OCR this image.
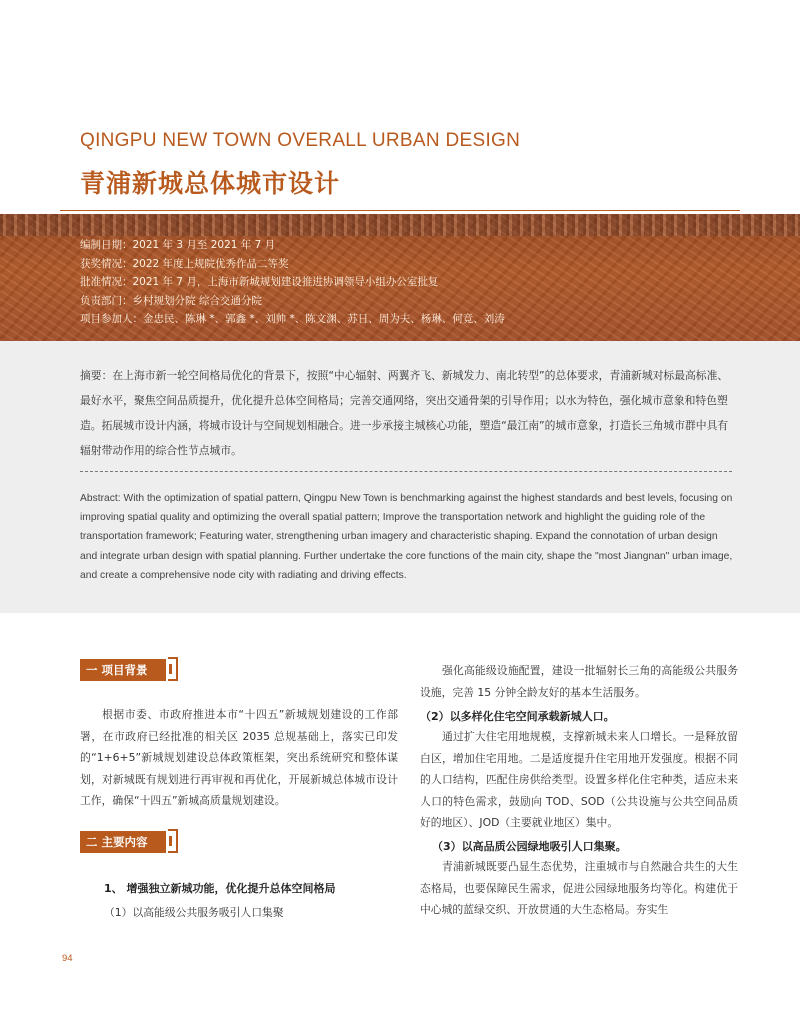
QINGPU NEW TOWN OVERALL URBAN DESIGN
青浦新城总体城市设计
编制日期：2021 年 3 月至 2021 年 7 月
获奖情况：2022 年度上规院优秀作品二等奖
批准情况：2021 年 7 月，上海市新城规划建设推进协调领导小组办公室批复
负责部门：乡村规划分院 综合交通分院
项目参加人：金忠民、陈琳 *、郭鑫 *、刘帅 *、陈文渊、苏日、周为夫、杨琳、何竞、刘涛

摘要：在上海市新一轮空间格局优化的背景下，按照“中心辐射、两翼齐飞、新城发力、南北转型”的总体要求，青浦新城对标最高标准、最好水平，聚焦空间品质提升，优化提升总体空间格局；完善交通网络，突出交通骨架的引导作用；以水为特色，强化城市意象和特色塑造。拓展城市设计内涵，将城市设计与空间规划相融合。进一步承接主城核心功能，塑造“最江南”的城市意象，打造长三角城市群中具有辐射带动作用的综合性节点城市。

Abstract: With the optimization of spatial pattern, Qingpu New Town is benchmarking against the highest standards and best levels, focusing on improving spatial quality and optimizing the overall spatial pattern; Improve the transportation network and highlight the guiding role of the transportation framework; Featuring water, strengthening urban imagery and characteristic shaping. Expand the connotation of urban design and integrate urban design with spatial planning. Further undertake the core functions of the main city, shape the "most Jiangnan" urban image, and create a comprehensive node city with radiating and driving effects.

一 项目背景

根据市委、市政府推进本市“十四五”新城规划建设的工作部署，在市政府已经批准的相关区 2035 总规基础上，落实已印发的“1+6+5”新城规划建设总体政策框架，突出系统研究和整体谋划，对新城既有规划进行再审视和再优化，开展新城总体城市设计工作，确保“十四五”新城高质量规划建设。

二 主要内容

1、 增强独立新城功能，优化提升总体空间格局

（1）以高能级公共服务吸引人口集聚

强化高能级设施配置，建设一批辐射长三角的高能级公共服务设施，完善 15 分钟全龄友好的基本生活服务。

（2）以多样化住宅空间承载新城人口。

通过扩大住宅用地规模，支撑新城未来人口增长。一是释放留白区，增加住宅用地。二是适度提升住宅用地开发强度。根据不同的人口结构，匹配住房供给类型。设置多样化住宅种类，适应未来人口的特色需求，鼓励向 TOD、SOD（公共设施与公共空间品质好的地区）、JOD（主要就业地区）集中。

（3）以高品质公园绿地吸引人口集聚。

青浦新城既要凸显生态优势，注重城市与自然融合共生的大生态格局，也要保障民生需求，促进公园绿地服务均等化。构建优于中心城的蓝绿交织、开放贯通的大生态格局。夯实生

94
